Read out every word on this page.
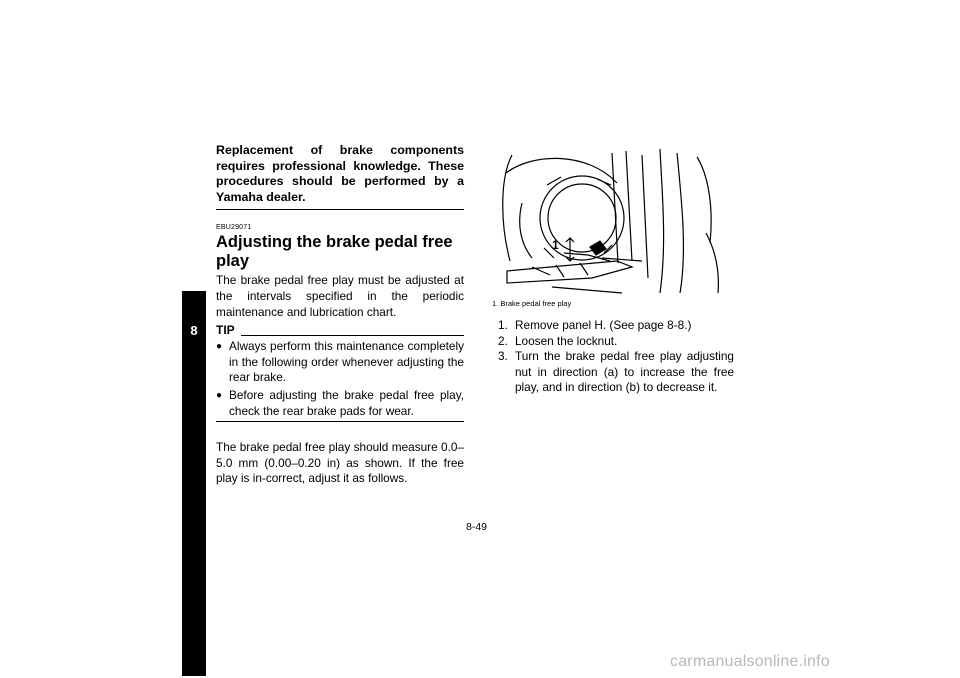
8
Replacement of brake components requires professional knowledge. These procedures should be performed by a Yamaha dealer.
EBU29071
Adjusting the brake pedal free play
The brake pedal free play must be adjusted at the intervals specified in the periodic maintenance and lubrication chart.
TIP
● Always perform this maintenance completely in the following order whenever adjusting the rear brake.
● Before adjusting the brake pedal free play, check the rear brake pads for wear.
The brake pedal free play should measure 0.0–5.0 mm (0.00–0.20 in) as shown. If the free play is in-correct, adjust it as follows.
1
1. Brake pedal free play
1. Remove panel H. (See page 8-8.)
2. Loosen the locknut.
3. Turn the brake pedal free play adjusting nut in direction (a) to increase the free play, and in direction (b) to decrease it.
8-49
carmanualsonline.info
